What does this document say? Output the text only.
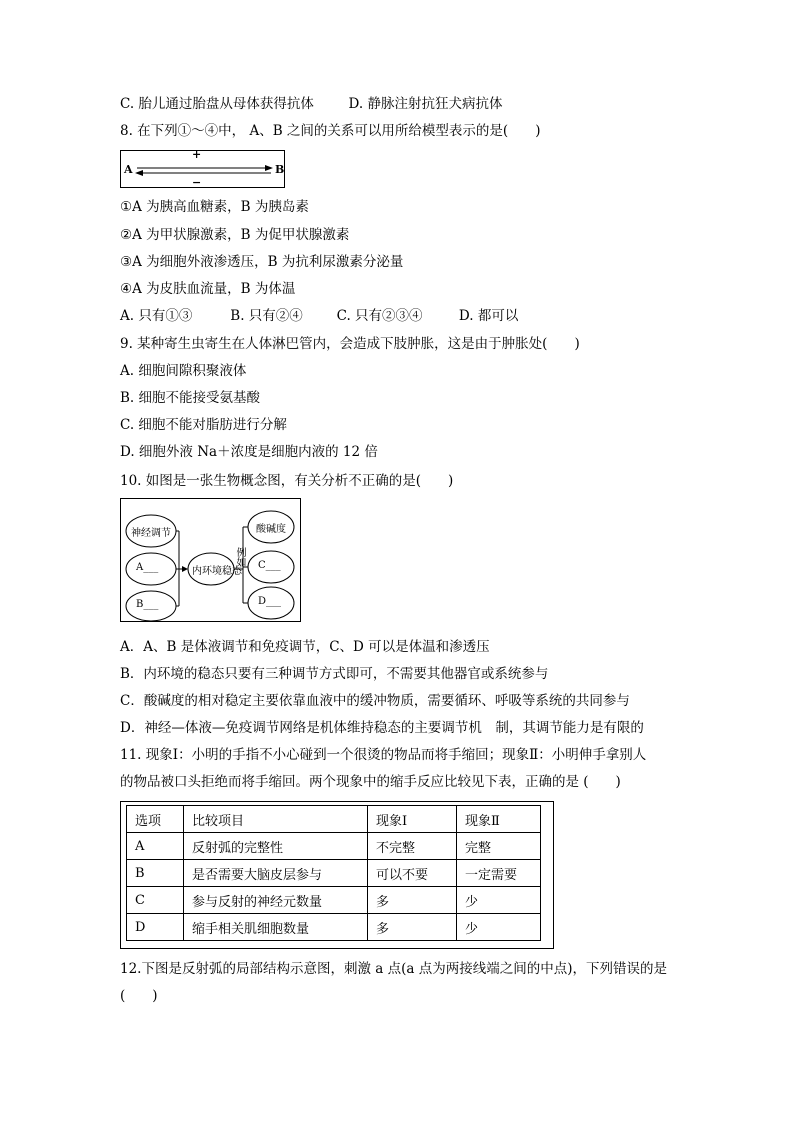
C. 胎儿通过胎盘从母体获得抗体	D. 静脉注射抗狂犬病抗体
8. 在下列①～④中， A、B 之间的关系可以用所给模型表示的是(　　)
A	B
+
−
①A 为胰高血糖素，B 为胰岛素
②A 为甲状腺激素，B 为促甲状腺激素
③A 为细胞外液渗透压，B 为抗利尿激素分泌量
④A 为皮肤血流量，B 为体温
A. 只有①③	B. 只有②④	C. 只有②③④	D. 都可以
9. 某种寄生虫寄生在人体淋巴管内，会造成下肢肿胀，这是由于肿胀处(　　)
A. 细胞间隙积聚液体
B. 细胞不能接受氨基酸
C. 细胞不能对脂肪进行分解
D. 细胞外液 Na＋浓度是细胞内液的 12 倍
10. 如图是一张生物概念图，有关分析不正确的是(　　)
神经调节
A___
B___
内环境稳态
例如
酸碱度
C___
D___
A．A、B 是体液调节和免疫调节，C、D 可以是体温和渗透压
B．内环境的稳态只要有三种调节方式即可，不需要其他器官或系统参与
C．酸碱度的相对稳定主要依靠血液中的缓冲物质，需要循环、呼吸等系统的共同参与
D．神经—体液—免疫调节网络是机体维持稳态的主要调节机　制，其调节能力是有限的
11. 现象Ⅰ：小明的手指不小心碰到一个很烫的物品而将手缩回；现象Ⅱ：小明伸手拿别人
的物品被口头拒绝而将手缩回。两个现象中的缩手反应比较见下表，正确的是 (　　)
选项	比较项目	现象Ⅰ	现象Ⅱ
A	反射弧的完整性	不完整	完整
B	是否需要大脑皮层参与	可以不要	一定需要
C	参与反射的神经元数量	多	少
D	缩手相关肌细胞数量	多	少
12.下图是反射弧的局部结构示意图，刺激 a 点(a 点为两接线端之间的中点)，下列错误的是
(　　)
